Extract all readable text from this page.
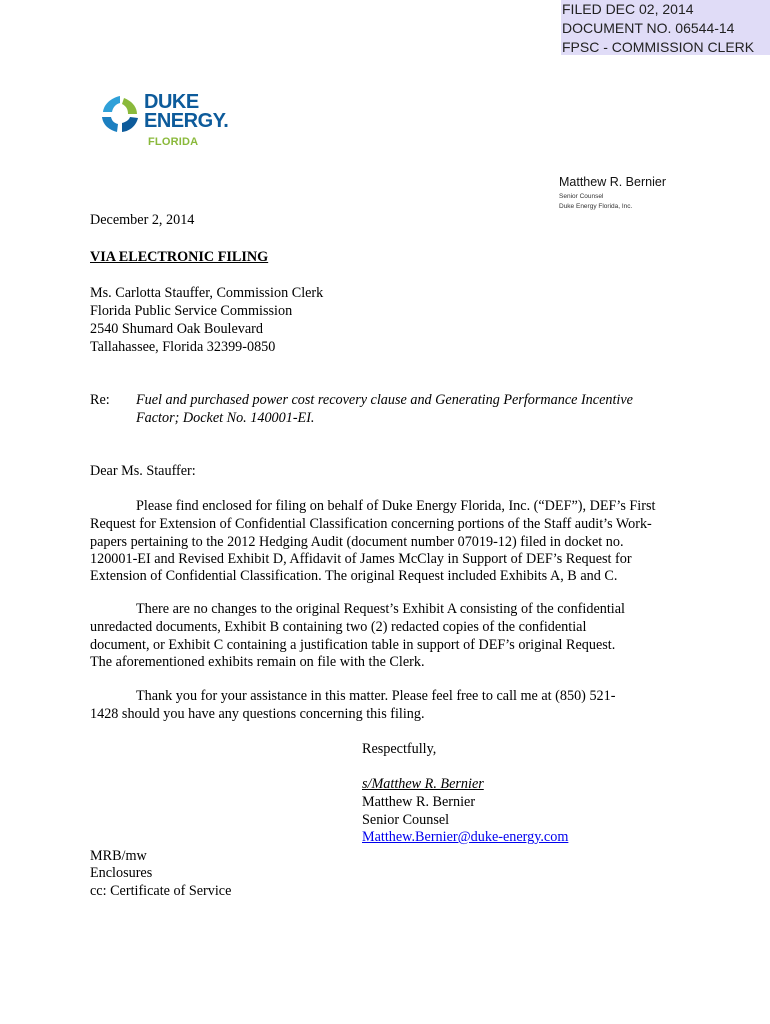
FILED DEC 02, 2014
DOCUMENT NO. 06544-14
FPSC - COMMISSION CLERK
DUKE
ENERGY.
FLORIDA
Matthew R. Bernier
Senior Counsel
Duke Energy Florida, Inc.
December 2, 2014
VIA ELECTRONIC FILING
Ms. Carlotta Stauffer, Commission Clerk
Florida Public Service Commission
2540 Shumard Oak Boulevard
Tallahassee, Florida 32399-0850
Re: Fuel and purchased power cost recovery clause and Generating Performance Incentive
Factor; Docket No. 140001-EI.
Dear Ms. Stauffer:
Please find enclosed for filing on behalf of Duke Energy Florida, Inc. (“DEF”), DEF’s First
Request for Extension of Confidential Classification concerning portions of the Staff audit’s Work-
papers pertaining to the 2012 Hedging Audit (document number 07019-12) filed in docket no.
120001-EI and Revised Exhibit D, Affidavit of James McClay in Support of DEF’s Request for
Extension of Confidential Classification. The original Request included Exhibits A, B and C.
There are no changes to the original Request’s Exhibit A consisting of the confidential
unredacted documents, Exhibit B containing two (2) redacted copies of the confidential
document, or Exhibit C containing a justification table in support of DEF’s original Request.
The aforementioned exhibits remain on file with the Clerk.
Thank you for your assistance in this matter. Please feel free to call me at (850) 521-
1428 should you have any questions concerning this filing.
Respectfully,
s/Matthew R. Bernier
Matthew R. Bernier
Senior Counsel
Matthew.Bernier@duke-energy.com
MRB/mw
Enclosures
cc: Certificate of Service
